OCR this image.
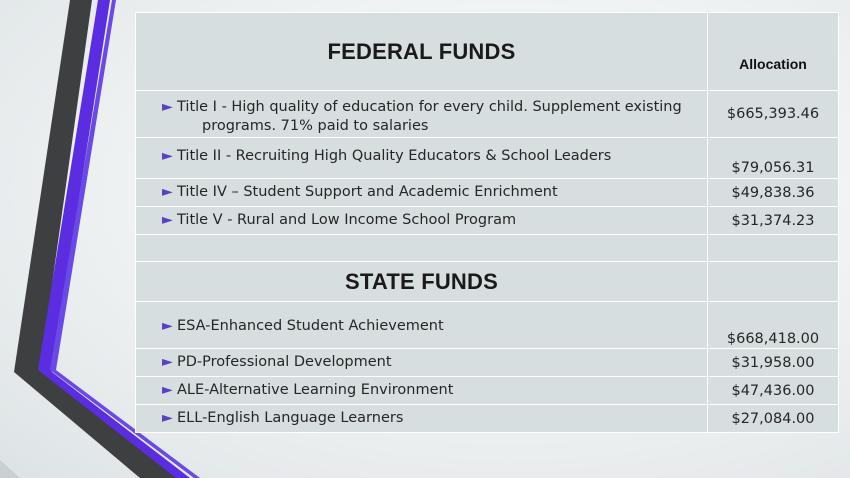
FEDERAL FUNDS	Allocation

► Title I - High quality of education for every child. Supplement existing
programs. 71% paid to salaries	$665,393.46

► Title II - Recruiting High Quality Educators & School Leaders	$79,056.31

► Title IV – Student Support and Academic Enrichment	$49,838.36

► Title V - Rural and Low Income School Program	$31,374.23

STATE FUNDS	

► ESA-Enhanced Student Achievement	$668,418.00

► PD-Professional Development	$31,958.00

► ALE-Alternative Learning Environment	$47,436.00

► ELL-English Language Learners	$27,084.00
